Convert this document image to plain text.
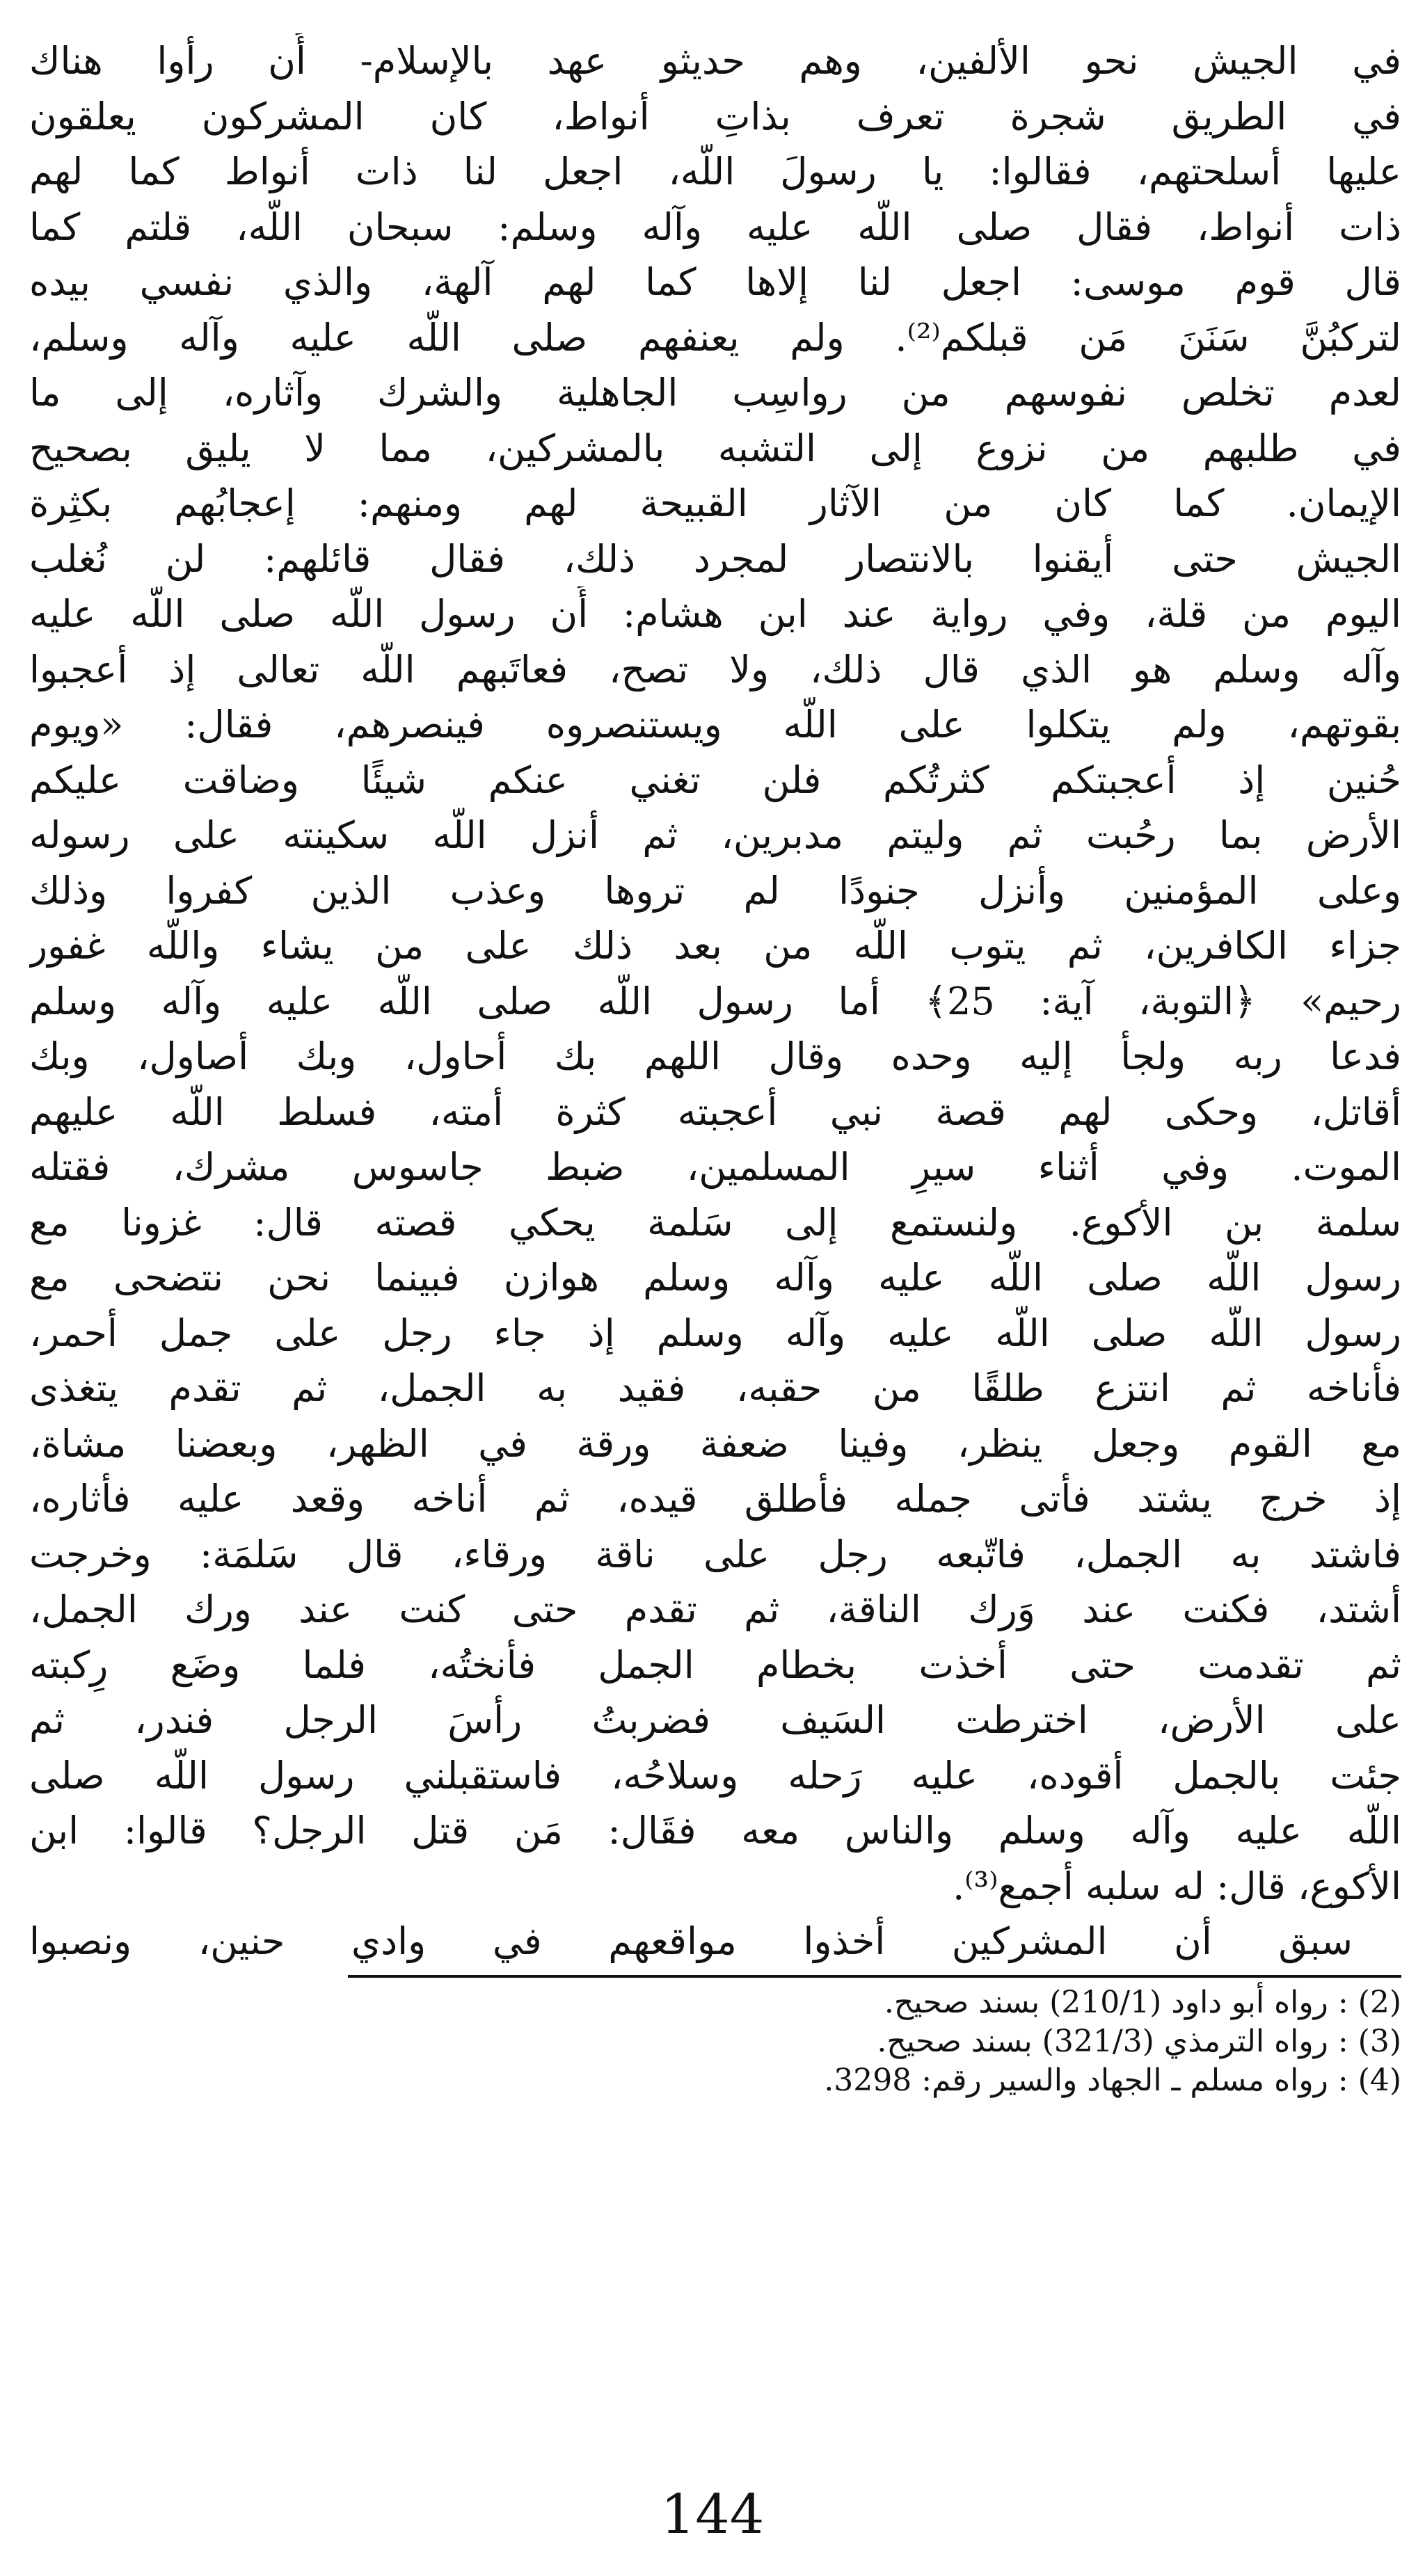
في الجيش نحو الألفين، وهم حديثو عهد بالإسلام- أَن رأوا هناك
في الطريق شجرة تعرف بذاتِ أنواط، كان المشركون يعلقون
عليها أسلحتهم، فقالوا: يا رسولَ اللّه، اجعل لنا ذات أنواط كما لهم
ذات أنواط، فقال صلى اللّه عليه وآله وسلم: سبحان اللّه، قلتم كما
قال قوم موسى: اجعل لنا إلاها كما لهم آلهة، والذي نفسي بيده
لتركبُنَّ سَنَنَ مَن قبلكم⁽²⁾. ولم يعنفهم صلى اللّه عليه وآله وسلم،
لعدم تخلص نفوسهم من رواسِب الجاهلية والشرك وآثاره، إلى ما
في طلبهم من نزوع إلى التشبه بالمشركين، مما لا يليق بصحيح
الإيمان. كما كان من الآثار القبيحة لهم ومنهم: إعجابُهم بكثِرة
الجيش حتى أيقنوا بالانتصار لمجرد ذلك، فقال قائلهم: لن نُغلب
اليوم من قلة، وفي رواية عند ابن هشام: أَن رسول اللّه صلى اللّه عليه
وآله وسلم هو الذي قال ذلك، ولا تصح، فعاتَبهم اللّه تعالى إذ أعجبوا
بقوتهم، ولم يتكلوا على اللّه ويستنصروه فينصرهم، فقال: «ويوم
حُنين إذ أعجبتكم كثرتُكم فلن تغني عنكم شيئًا وضاقت عليكم
الأرض بما رحُبت ثم وليتم مدبرين، ثم أنزل اللّه سكينته على رسوله
وعلى المؤمنين وأنزل جنودًا لم تروها وعذب الذين كفروا وذلك
جزاء الكافرين، ثم يتوب اللّه من بعد ذلك على من يشاء واللّه غفور
رحيم» ﴿التوبة، آية: 25﴾ أما رسول اللّه صلى اللّه عليه وآله وسلم
فدعا ربه ولجأ إليه وحده وقال اللهم بك أحاول، وبك أصاول، وبك
أقاتل، وحكى لهم قصة نبي أعجبته كثرة أمته، فسلط اللّه عليهم
الموت. وفي أثناء سيرِ المسلمين، ضبط جاسوس مشرك، فقتله
سلمة بن الأكوع. ولنستمع إلى سَلمة يحكي قصته قال: غزونا مع
رسول اللّه صلى اللّه عليه وآله وسلم هوازن فبينما نحن نتضحى مع
رسول اللّه صلى اللّه عليه وآله وسلم إذ جاء رجل على جمل أحمر،
فأناخه ثم انتزع طلقًا من حقبه، فقيد به الجمل، ثم تقدم يتغذى
مع القوم وجعل ينظر، وفينا ضعفة ورقة في الظهر، وبعضنا مشاة،
إذ خرج يشتد فأتى جمله فأطلق قيده، ثم أناخه وقعد عليه فأثاره،
فاشتد به الجمل، فاتّبعه رجل على ناقة ورقاء، قال سَلمَة: وخرجت
أشتد، فكنت عند وَرك الناقة، ثم تقدم حتى كنت عند ورك الجمل،
ثم تقدمت حتى أخذت بخطام الجمل فأنختُه، فلما وضَع رِكبته
على الأرض، اخترطت السَيف فضربتُ رأسَ الرجل فندر، ثم
جئت بالجمل أقوده، عليه رَحله وسلاحُه، فاستقبلني رسول اللّه صلى
اللّه عليه وآله وسلم والناس معه فقَال: مَن قتل الرجل؟ قالوا: ابن
الأكوع، قال: له سلبه أجمع⁽³⁾.
سبق أن المشركين أخذوا مواقعهم في وادي حنين، ونصبوا
(2) : رواه أبو داود (210/1) بسند صحيح.
(3) : رواه الترمذي (321/3) بسند صحيح.
(4) : رواه مسلم ـ الجهاد والسير رقم: 3298.
144
